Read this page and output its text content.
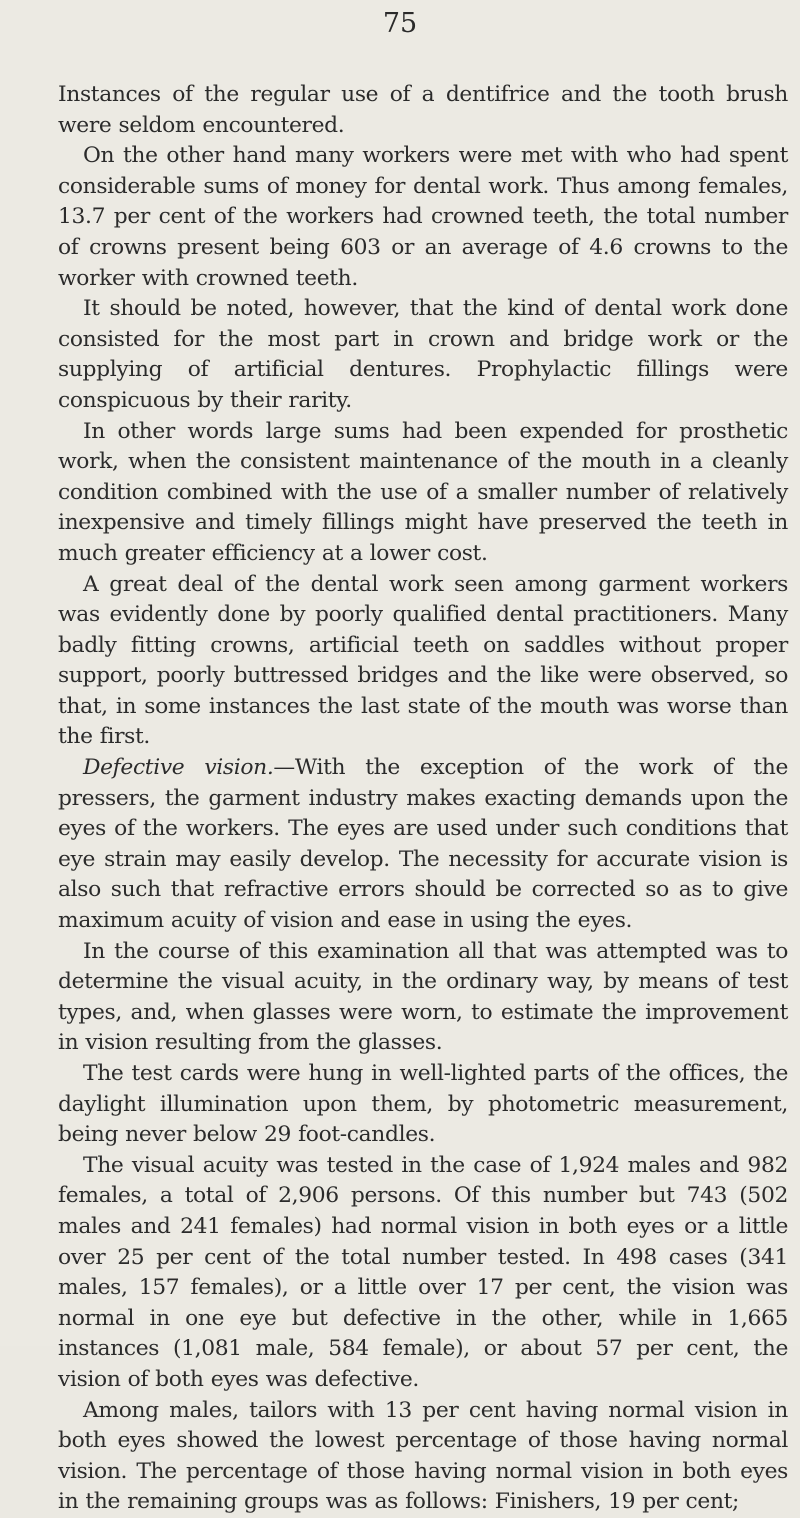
75

Instances of the regular use of a dentifrice and the tooth brush were seldom encountered.

On the other hand many workers were met with who had spent considerable sums of money for dental work. Thus among females, 13.7 per cent of the workers had crowned teeth, the total number of crowns present being 603 or an average of 4.6 crowns to the worker with crowned teeth.

It should be noted, however, that the kind of dental work done consisted for the most part in crown and bridge work or the supplying of artificial dentures. Prophylactic fillings were conspicuous by their rarity.

In other words large sums had been expended for prosthetic work, when the consistent maintenance of the mouth in a cleanly condition combined with the use of a smaller number of relatively inexpensive and timely fillings might have preserved the teeth in much greater efficiency at a lower cost.

A great deal of the dental work seen among garment workers was evidently done by poorly qualified dental practitioners. Many badly fitting crowns, artificial teeth on saddles without proper support, poorly buttressed bridges and the like were observed, so that, in some instances the last state of the mouth was worse than the first.

Defective vision.—With the exception of the work of the pressers, the garment industry makes exacting demands upon the eyes of the workers. The eyes are used under such conditions that eye strain may easily develop. The necessity for accurate vision is also such that refractive errors should be corrected so as to give maximum acuity of vision and ease in using the eyes.

In the course of this examination all that was attempted was to determine the visual acuity, in the ordinary way, by means of test types, and, when glasses were worn, to estimate the improvement in vision resulting from the glasses.

The test cards were hung in well-lighted parts of the offices, the daylight illumination upon them, by photometric measurement, being never below 29 foot-candles.

The visual acuity was tested in the case of 1,924 males and 982 females, a total of 2,906 persons. Of this number but 743 (502 males and 241 females) had normal vision in both eyes or a little over 25 per cent of the total number tested. In 498 cases (341 males, 157 females), or a little over 17 per cent, the vision was normal in one eye but defective in the other, while in 1,665 instances (1,081 male, 584 female), or about 57 per cent, the vision of both eyes was defective.

Among males, tailors with 13 per cent having normal vision in both eyes showed the lowest percentage of those having normal vision. The percentage of those having normal vision in both eyes in the remaining groups was as follows: Finishers, 19 per cent;
